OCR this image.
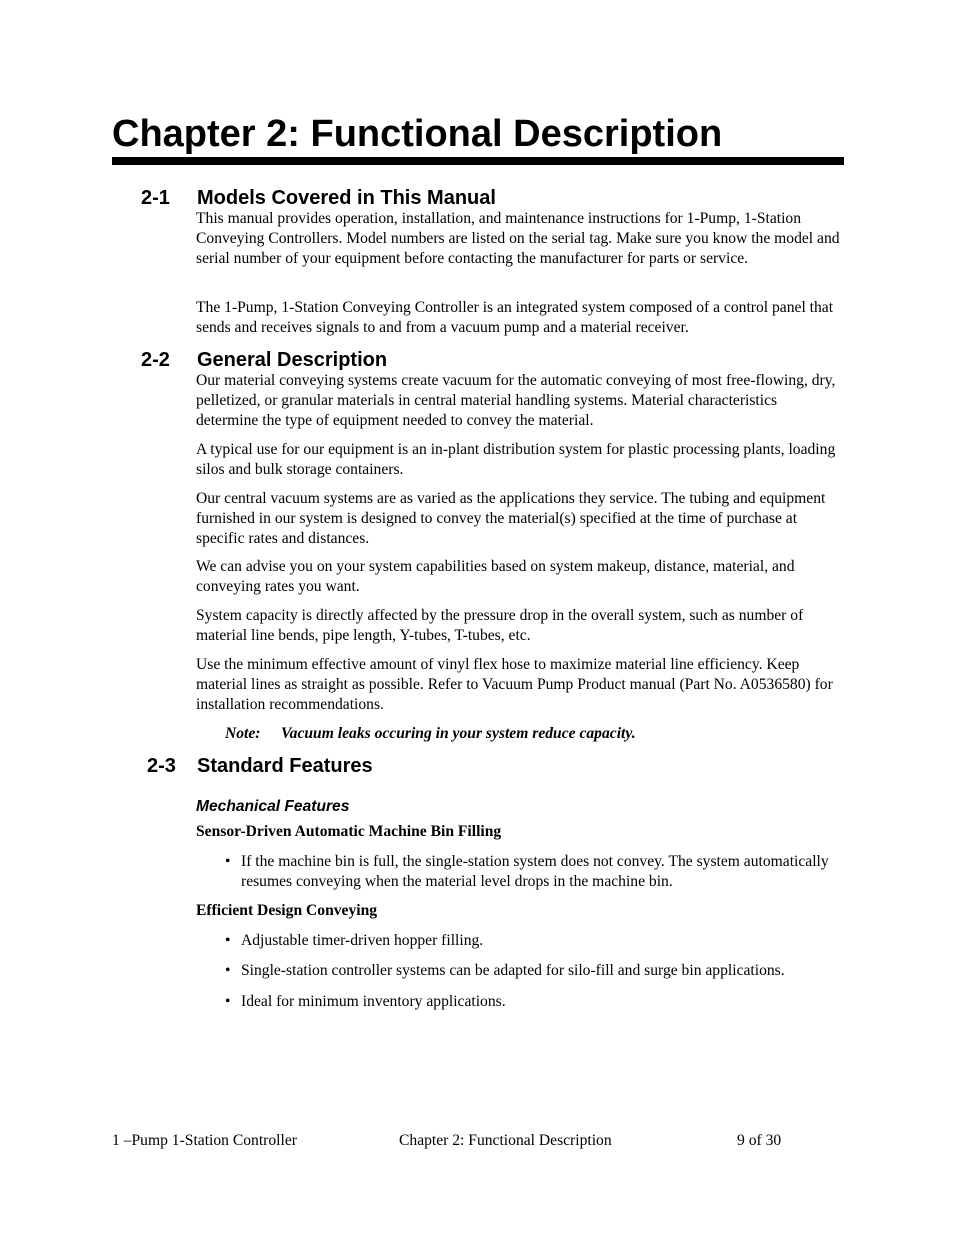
Chapter 2: Functional Description
2-1 Models Covered in This Manual

This manual provides operation, installation, and maintenance instructions for 1-Pump, 1-Station Conveying Controllers. Model numbers are listed on the serial tag. Make sure you know the model and serial number of your equipment before contacting the manufacturer for parts or service.

The 1-Pump, 1-Station Conveying Controller is an integrated system composed of a control panel that sends and receives signals to and from a vacuum pump and a material receiver.

2-2 General Description

Our material conveying systems create vacuum for the automatic conveying of most free-flowing, dry, pelletized, or granular materials in central material handling systems. Material characteristics determine the type of equipment needed to convey the material.

A typical use for our equipment is an in-plant distribution system for plastic processing plants, loading silos and bulk storage containers.

Our central vacuum systems are as varied as the applications they service. The tubing and equipment furnished in our system is designed to convey the material(s) specified at the time of purchase at specific rates and distances.

We can advise you on your system capabilities based on system makeup, distance, material, and conveying rates you want.

System capacity is directly affected by the pressure drop in the overall system, such as number of material line bends, pipe length, Y-tubes, T-tubes, etc.

Use the minimum effective amount of vinyl flex hose to maximize material line efficiency. Keep material lines as straight as possible. Refer to Vacuum Pump Product manual (Part No. A0536580) for installation recommendations.

Note: Vacuum leaks occuring in your system reduce capacity.
2-3 Standard Features
Mechanical Features
Sensor-Driven Automatic Machine Bin Filling
• If the machine bin is full, the single-station system does not convey. The system automatically resumes conveying when the material level drops in the machine bin.
Efficient Design Conveying
• Adjustable timer-driven hopper filling.
• Single-station controller systems can be adapted for silo-fill and surge bin applications.
• Ideal for minimum inventory applications.
1 –Pump 1-Station Controller	Chapter 2: Functional Description	9 of 30
